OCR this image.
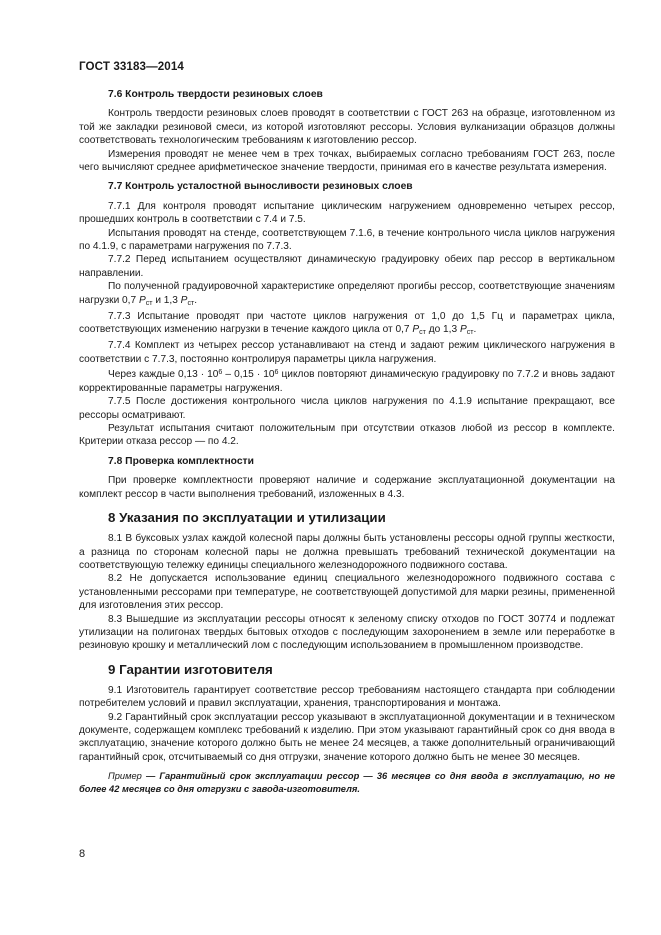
ГОСТ 33183—2014

7.6 Контроль твердости резиновых слоев

Контроль твердости резиновых слоев проводят в соответствии с ГОСТ 263 на образце, изготовленном из той же закладки резиновой смеси, из которой изготовляют рессоры. Условия вулканизации образцов должны соответствовать технологическим требованиям к изготовлению рессор.

Измерения проводят не менее чем в трех точках, выбираемых согласно требованиям ГОСТ 263, после чего вычисляют среднее арифметическое значение твердости, принимая его в качестве результата измерения.

7.7 Контроль усталостной выносливости резиновых слоев

7.7.1 Для контроля проводят испытание циклическим нагружением одновременно четырех рессор, прошедших контроль в соответствии с 7.4 и 7.5.

Испытания проводят на стенде, соответствующем 7.1.6, в течение контрольного числа циклов нагружения по 4.1.9, с параметрами нагружения по 7.7.3.

7.7.2 Перед испытанием осуществляют динамическую градуировку обеих пар рессор в вертикальном направлении.

По полученной градуировочной характеристике определяют прогибы рессор, соответствующие значениям нагрузки 0,7 $P_{ст}$ и 1,3 $P_{ст}$.

7.7.3 Испытание проводят при частоте циклов нагружения от 1,0 до 1,5 Гц и параметрах цикла, соответствующих изменению нагрузки в течение каждого цикла от 0,7 $P_{ст}$ до 1,3 $P_{ст}$.

7.7.4 Комплект из четырех рессор устанавливают на стенд и задают режим циклического нагружения в соответствии с 7.7.3, постоянно контролируя параметры цикла нагружения.

Через каждые $0,13 \cdot 10^6 - 0,15 \cdot 10^6$ циклов повторяют динамическую градуировку по 7.7.2 и вновь задают корректированные параметры нагружения.

7.7.5 После достижения контрольного числа циклов нагружения по 4.1.9 испытание прекращают, все рессоры осматривают.

Результат испытания считают положительным при отсутствии отказов любой из рессор в комплекте. Критерии отказа рессор — по 4.2.

7.8 Проверка комплектности

При проверке комплектности проверяют наличие и содержание эксплуатационной документации на комплект рессор в части выполнения требований, изложенных в 4.3.

8 Указания по эксплуатации и утилизации

8.1 В буксовых узлах каждой колесной пары должны быть установлены рессоры одной группы жесткости, а разница по сторонам колесной пары не должна превышать требований технической документации на соответствующую тележку единицы специального железнодорожного подвижного состава.

8.2 Не допускается использование единиц специального железнодорожного подвижного состава с установленными рессорами при температуре, не соответствующей допустимой для марки резины, примененной для изготовления этих рессор.

8.3 Вышедшие из эксплуатации рессоры относят к зеленому списку отходов по ГОСТ 30774 и подлежат утилизации на полигонах твердых бытовых отходов с последующим захоронением в земле или переработке в резиновую крошку и металлический лом с последующим использованием в промышленном производстве.

9 Гарантии изготовителя

9.1 Изготовитель гарантирует соответствие рессор требованиям настоящего стандарта при соблюдении потребителем условий и правил эксплуатации, хранения, транспортирования и монтажа.

9.2 Гарантийный срок эксплуатации рессор указывают в эксплуатационной документации и в техническом документе, содержащем комплекс требований к изделию. При этом указывают гарантийный срок со дня ввода в эксплуатацию, значение которого должно быть не менее 24 месяцев, а также дополнительный ограничивающий гарантийный срок, отсчитываемый со дня отгрузки, значение которого должно быть не менее 30 месяцев.

Пример — Гарантийный срок эксплуатации рессор — 36 месяцев со дня ввода в эксплуатацию, но не более 42 месяцев со дня отгрузки с завода-изготовителя.

8
